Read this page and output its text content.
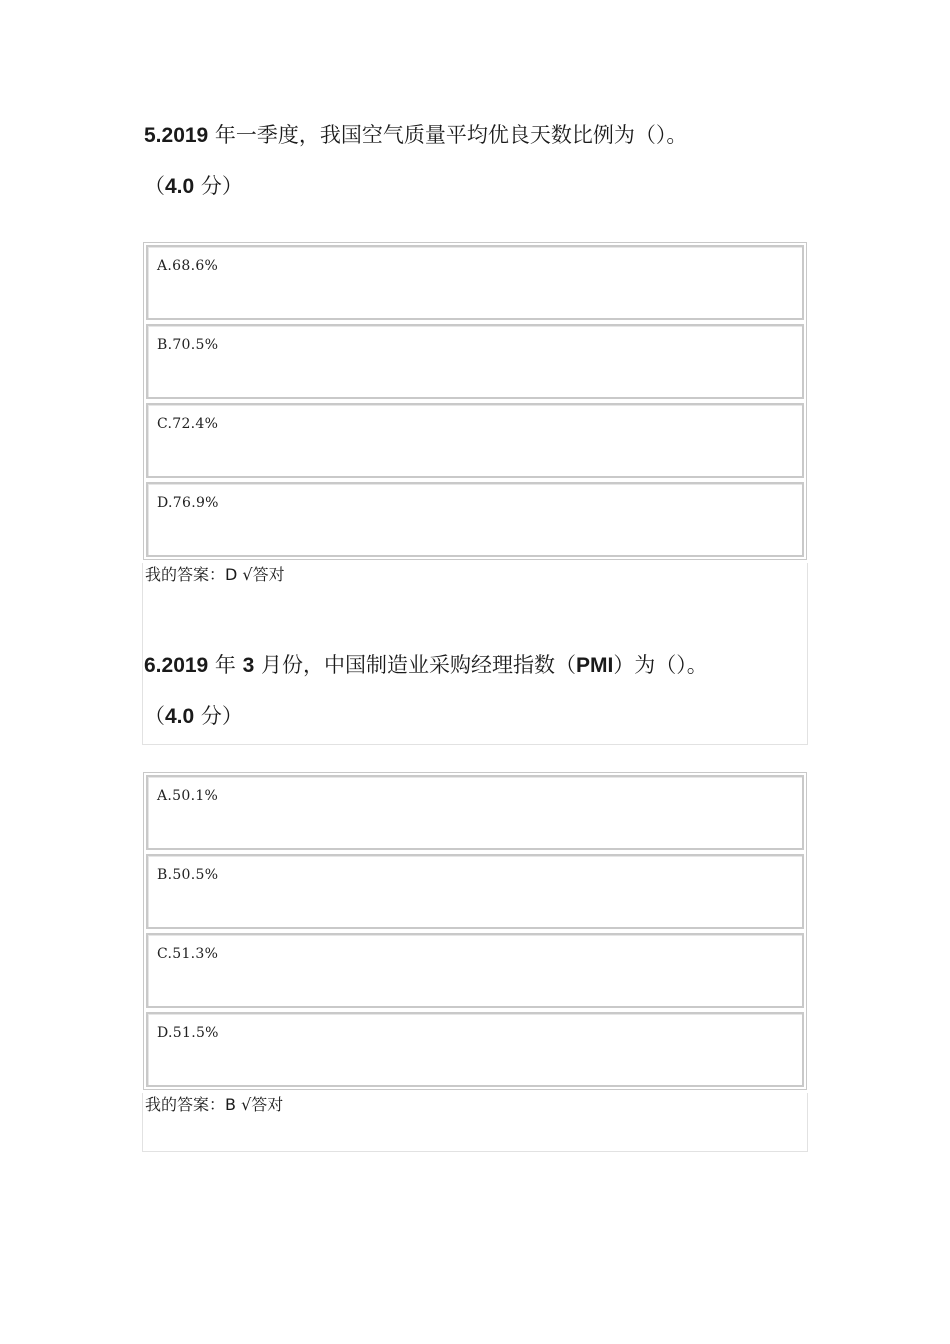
5.2019 年一季度，我国空气质量平均优良天数比例为（）。
（4.0 分）
A.68.6%
B.70.5%
C.72.4%
D.76.9%
我的答案：D √答对
6.2019 年 3 月份，中国制造业采购经理指数（PMI）为（）。
（4.0 分）
A.50.1%
B.50.5%
C.51.3%
D.51.5%
我的答案：B √答对
